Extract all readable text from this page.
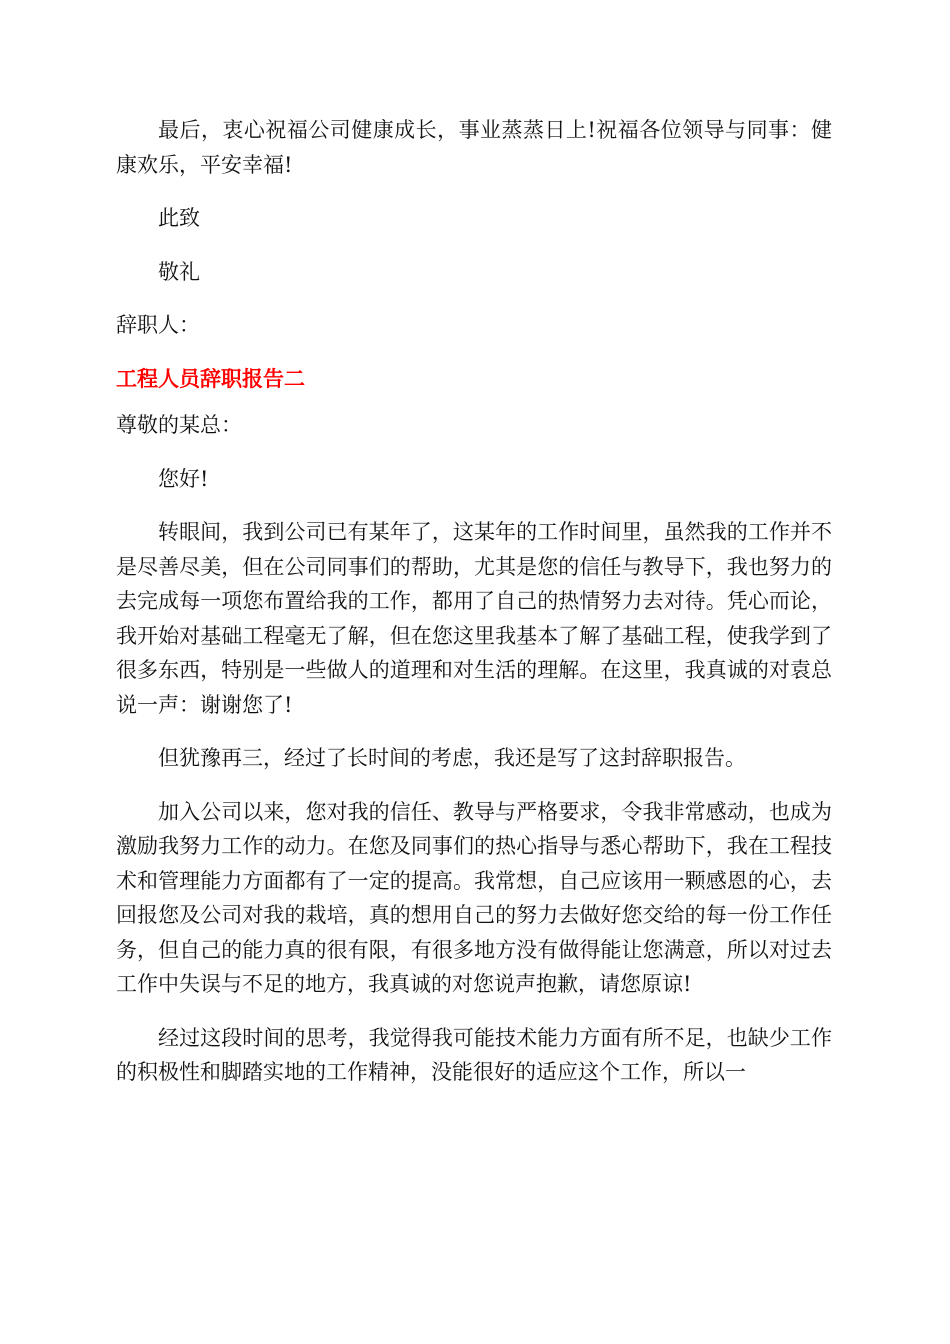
最后，衷心祝福公司健康成长，事业蒸蒸日上!祝福各位领导与同事：健康欢乐，平安幸福!

此致

敬礼

辞职人：

工程人员辞职报告二

尊敬的某总：

您好!

转眼间，我到公司已有某年了，这某年的工作时间里，虽然我的工作并不是尽善尽美，但在公司同事们的帮助，尤其是您的信任与教导下，我也努力的去完成每一项您布置给我的工作，都用了自己的热情努力去对待。凭心而论，我开始对基础工程毫无了解，但在您这里我基本了解了基础工程，使我学到了很多东西，特别是一些做人的道理和对生活的理解。在这里，我真诚的对袁总说一声：谢谢您了!

但犹豫再三，经过了长时间的考虑，我还是写了这封辞职报告。

加入公司以来，您对我的信任、教导与严格要求，令我非常感动，也成为激励我努力工作的动力。在您及同事们的热心指导与悉心帮助下，我在工程技术和管理能力方面都有了一定的提高。我常想，自己应该用一颗感恩的心，去回报您及公司对我的栽培，真的想用自己的努力去做好您交给的每一份工作任务，但自己的能力真的很有限，有很多地方没有做得能让您满意，所以对过去工作中失误与不足的地方，我真诚的对您说声抱歉，请您原谅!

经过这段时间的思考，我觉得我可能技术能力方面有所不足，也缺少工作的积极性和脚踏实地的工作精神，没能很好的适应这个工作，所以一
